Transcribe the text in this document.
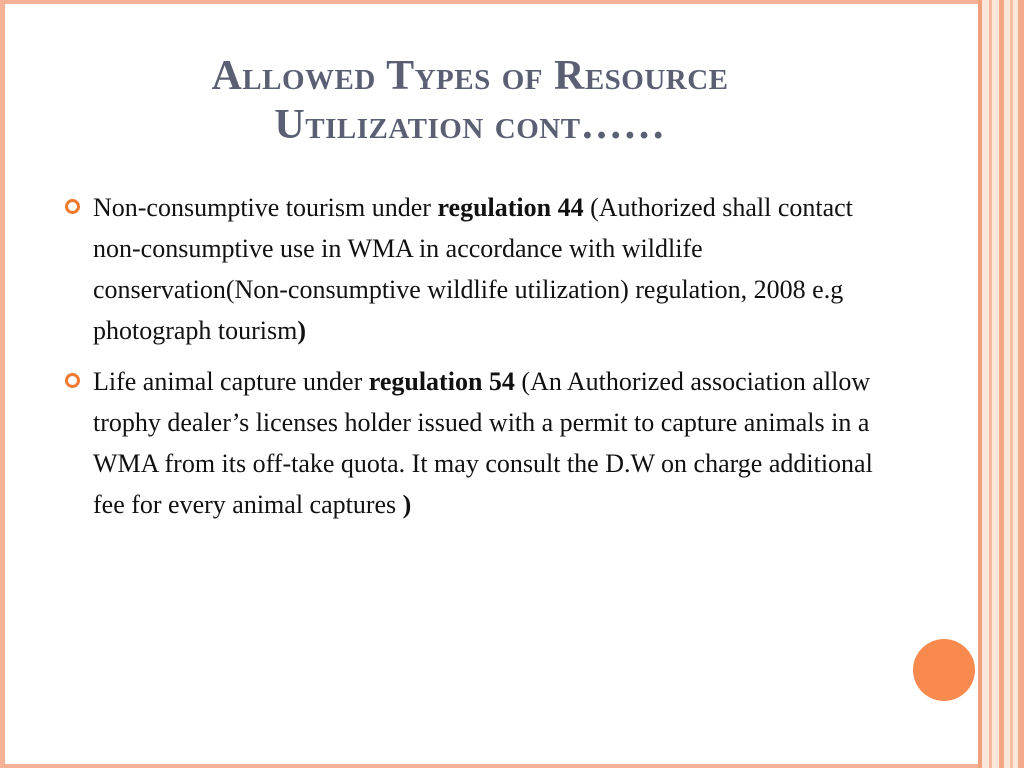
Allowed Types of Resource
Utilization cont……
Non-consumptive tourism under regulation 44 (Authorized shall contact non-consumptive use in WMA in accordance with wildlife conservation(Non-consumptive wildlife utilization) regulation, 2008 e.g photograph tourism)
Life animal capture under regulation 54 (An Authorized association allow trophy dealer’s licenses holder issued with a permit to capture animals in a WMA from its off-take quota. It may consult the D.W on charge additional fee for every animal captures )
